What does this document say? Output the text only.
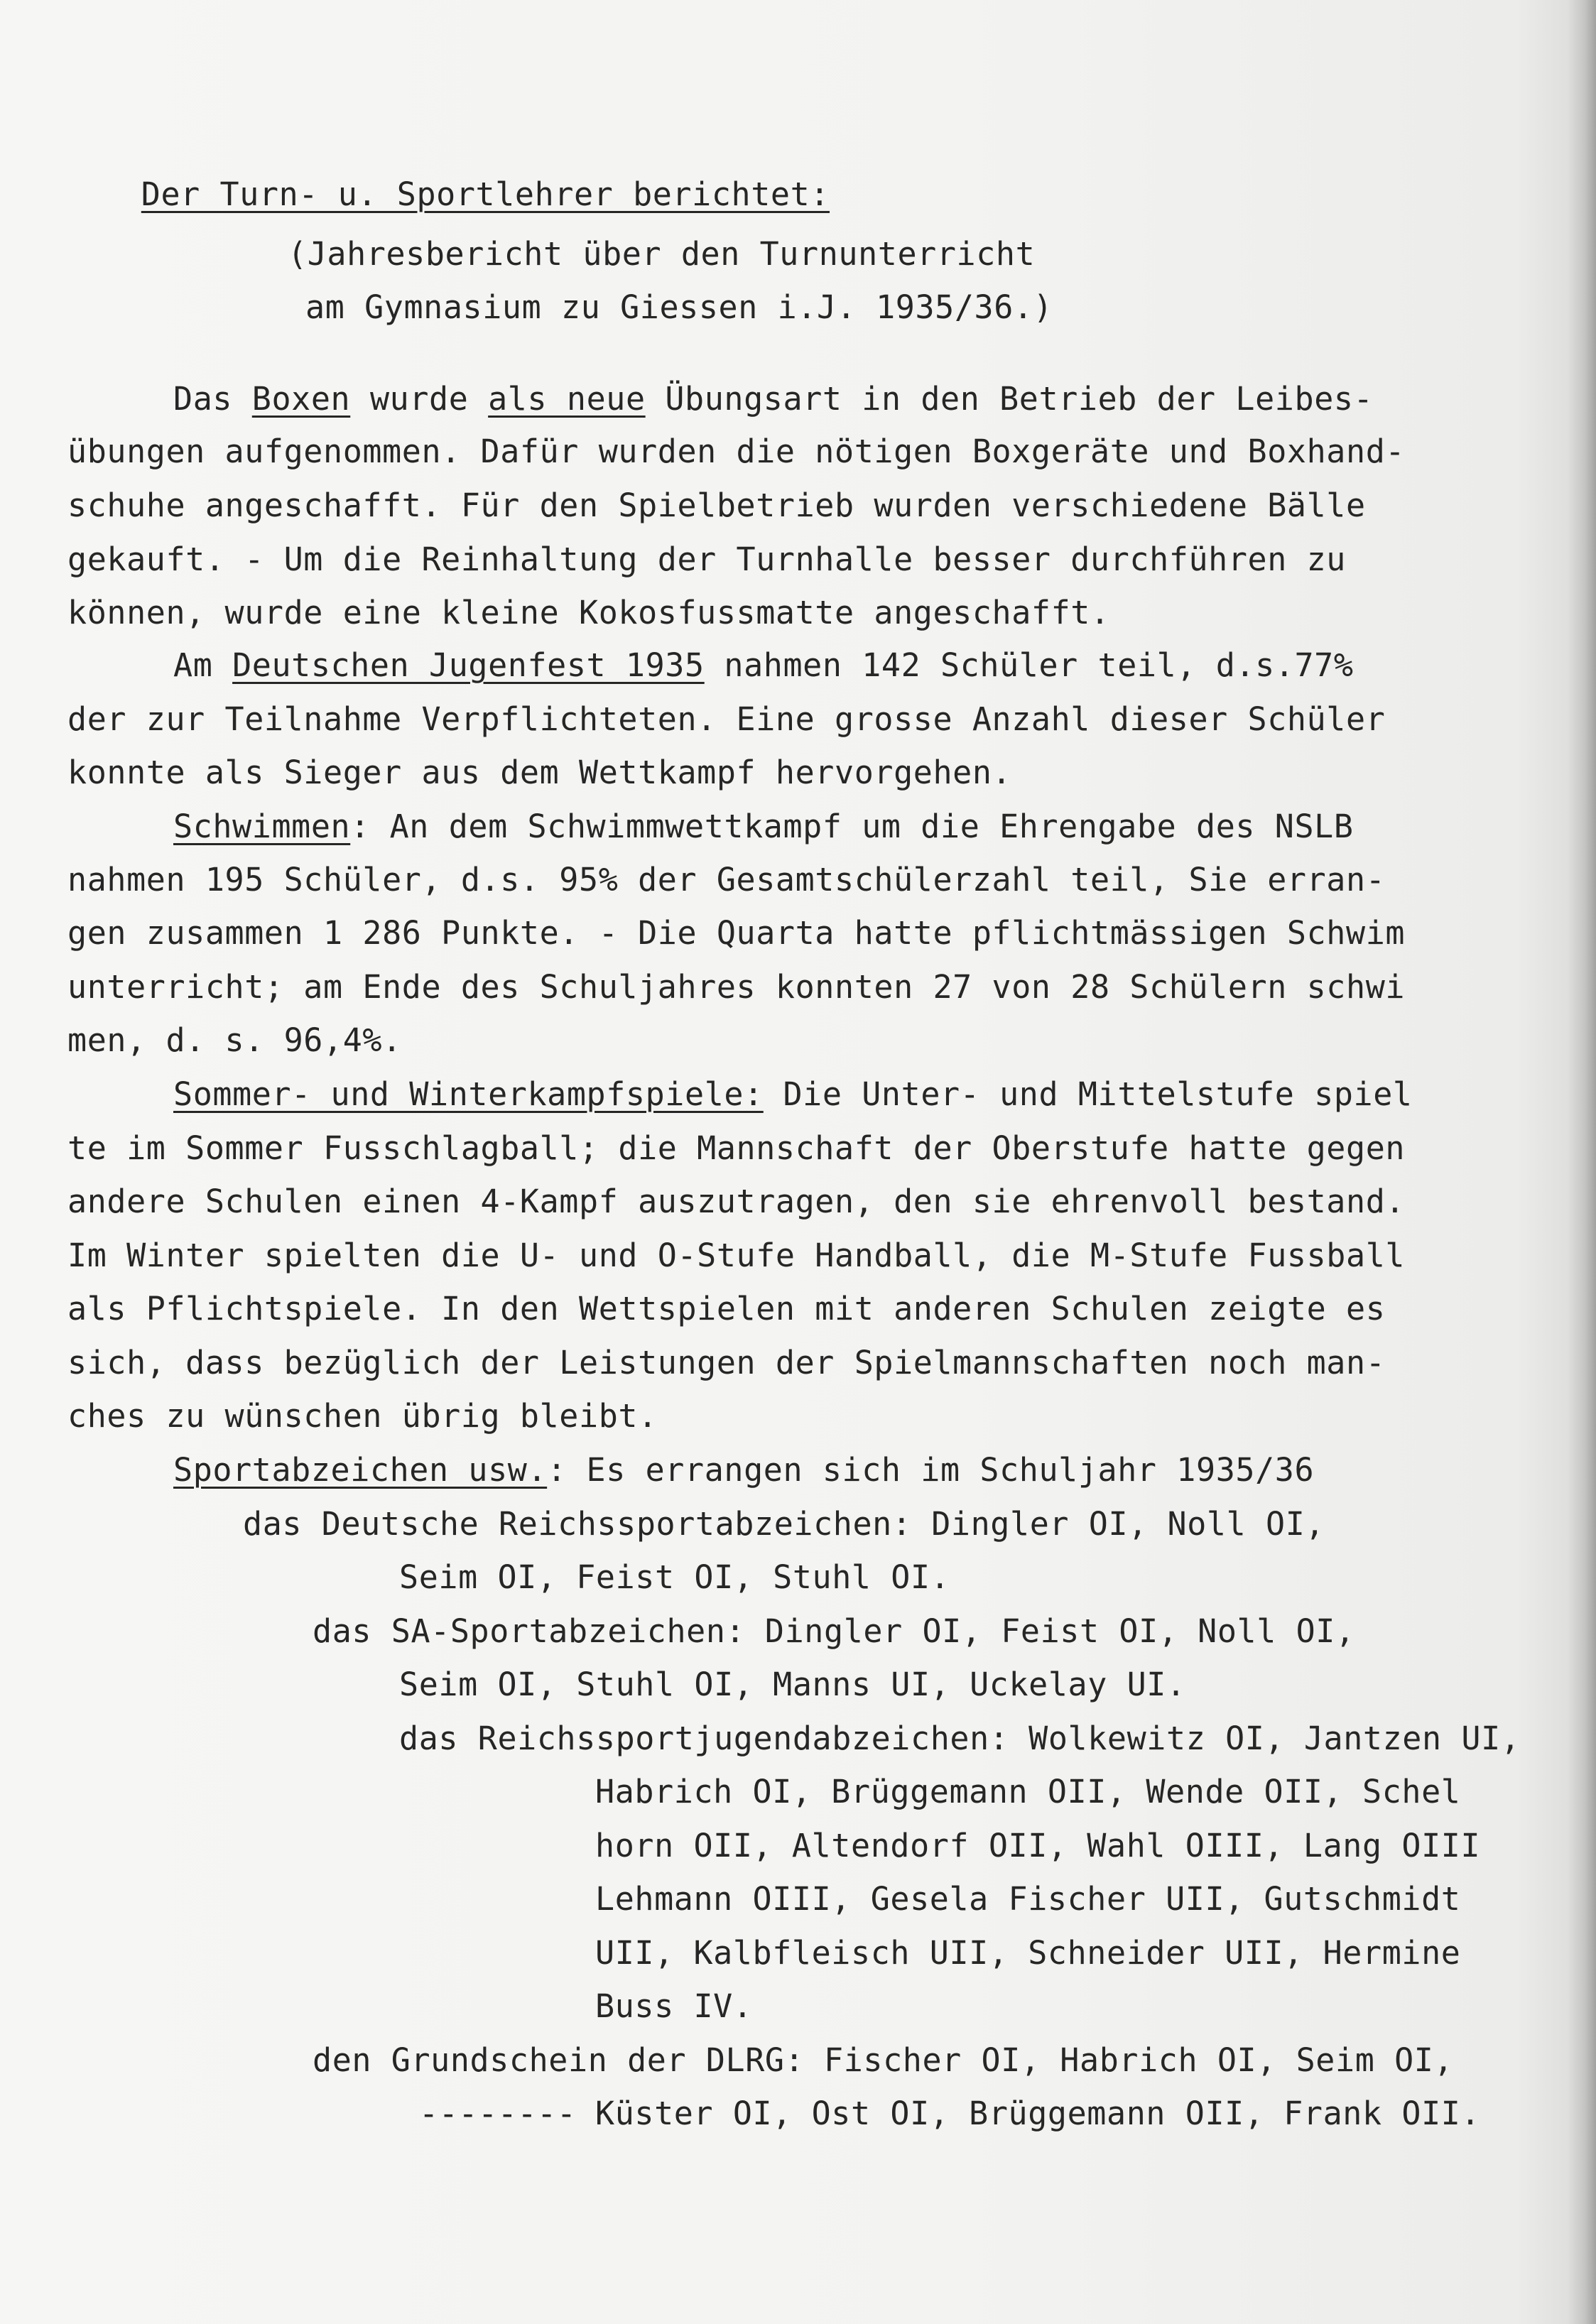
Der Turn- u. Sportlehrer berichtet:

(Jahresbericht über den Turnunterricht
am Gymnasium zu Giessen i.J. 1935/36.)
Das Boxen wurde als neue Übungsart in den Betrieb der Leibes-
übungen aufgenommen. Dafür wurden die nötigen Boxgeräte und Boxhand-
schuhe angeschafft. Für den Spielbetrieb wurden verschiedene Bälle
gekauft. - Um die Reinhaltung der Turnhalle besser durchführen zu
können, wurde eine kleine Kokosfussmatte angeschafft.
Am Deutschen Jugenfest 1935 nahmen 142 Schüler teil, d.s.77%
der zur Teilnahme Verpflichteten. Eine grosse Anzahl dieser Schüler
konnte als Sieger aus dem Wettkampf hervorgehen.
Schwimmen: An dem Schwimmwettkampf um die Ehrengabe des NSLB
nahmen 195 Schüler, d.s. 95% der Gesamtschülerzahl teil, Sie erran-
gen zusammen 1 286 Punkte. - Die Quarta hatte pflichtmässigen Schwim
unterricht; am Ende des Schuljahres konnten 27 von 28 Schülern schwi
men, d. s. 96,4%.
Sommer- und Winterkampfspiele: Die Unter- und Mittelstufe spiel
te im Sommer Fusschlagball; die Mannschaft der Oberstufe hatte gegen
andere Schulen einen 4-Kampf auszutragen, den sie ehrenvoll bestand.
Im Winter spielten die U- und O-Stufe Handball, die M-Stufe Fussball
als Pflichtspiele. In den Wettspielen mit anderen Schulen zeigte es
sich, dass bezüglich der Leistungen der Spielmannschaften noch man-
ches zu wünschen übrig bleibt.
Sportabzeichen usw.: Es errangen sich im Schuljahr 1935/36
das Deutsche Reichssportabzeichen: Dingler OI, Noll OI,
Seim OI, Feist OI, Stuhl OI.
das SA-Sportabzeichen: Dingler OI, Feist OI, Noll OI,
Seim OI, Stuhl OI, Manns UI, Uckelay UI.
das Reichssportjugendabzeichen: Wolkewitz OI, Jantzen UI,
Habrich OI, Brüggemann OII, Wende OII, Schel
horn OII, Altendorf OII, Wahl OIII, Lang OIII
Lehmann OIII, Gesela Fischer UII, Gutschmidt
UII, Kalbfleisch UII, Schneider UII, Hermine
Buss IV.
den Grundschein der DLRG: Fischer OI, Habrich OI, Seim OI,
-------- Küster OI, Ost OI, Brüggemann OII, Frank OII.
